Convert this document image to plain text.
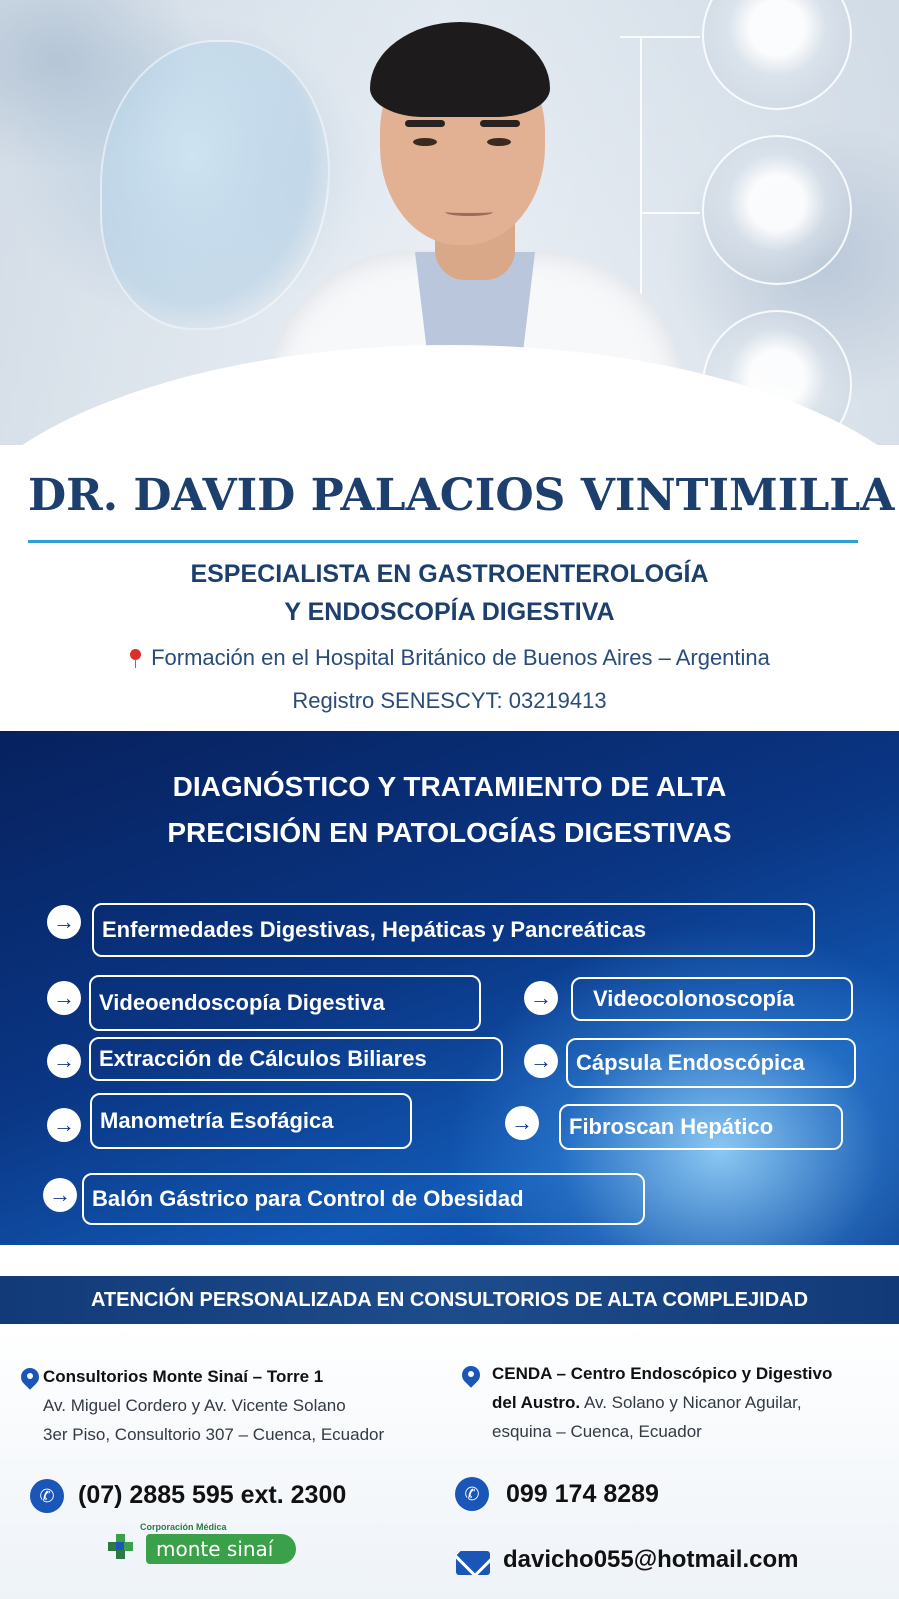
DR. DAVID PALACIOS VINTIMILLA
ESPECIALISTA EN GASTROENTEROLOGÍA
Y ENDOSCOPÍA DIGESTIVA
Formación en el Hospital Británico de Buenos Aires – Argentina
Registro SENESCYT: 03219413
DIAGNÓSTICO Y TRATAMIENTO DE ALTA
PRECISIÓN EN PATOLOGÍAS DIGESTIVAS
→	Enfermedades Digestivas, Hepáticas y Pancreáticas
→	Videoendoscopía Digestiva	→	Videocolonoscopía
→	Extracción de Cálculos Biliares	→	Cápsula Endoscópica
→	Manometría Esofágica	→	Fibroscan Hepático
→ Balón Gástrico para Control de Obesidad
ATENCIÓN PERSONALIZADA EN CONSULTORIOS DE ALTA COMPLEJIDAD
Consultorios Monte Sinaí – Torre 1
Av. Miguel Cordero y Av. Vicente Solano
3er Piso, Consultorio 307 – Cuenca, Ecuador
CENDA – Centro Endoscópico y Digestivo
del Austro. Av. Solano y Nicanor Aguilar,
esquina – Cuenca, Ecuador
✆ (07) 2885 595 ext. 2300	✆	099 174 8289
davicho055@hotmail.com
Corporación Médica
monte sinaí
